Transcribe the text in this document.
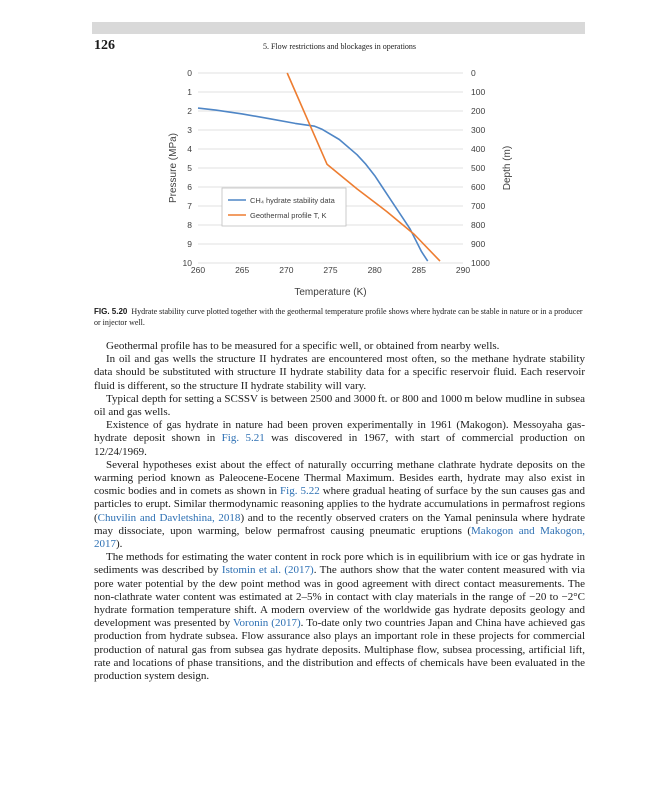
126	5. Flow restrictions and blockages in operations
0
1
2
3
4
5
6
7
8
9
10
0
100
200
300
400
500
600
700
800
900
1000
260	265	270	275	280	285	290
Temperature (K)
Pressure (MPa)	Depth (m)
CH₄ hydrate stability data
Geothermal profile T, K
FIG. 5.20 Hydrate stability curve plotted together with the geothermal temperature profile shows where hydrate can be stable in nature or in a producer or injector well.

Geothermal profile has to be measured for a specific well, or obtained from nearby wells.

In oil and gas wells the structure II hydrates are encountered most often, so the methane hydrate stability data should be substituted with structure II hydrate stability data for a specific reservoir fluid. Each reservoir fluid is different, so the structure II hydrate stability will vary.

Typical depth for setting a SCSSV is between 2500 and 3000 ft. or 800 and 1000 m below mudline in subsea oil and gas wells.

Existence of gas hydrate in nature had been proven experimentally in 1961 (Makogon). Messoyaha gas-hydrate deposit shown in Fig. 5.21 was discovered in 1967, with start of commercial production on 12/24/1969.

Several hypotheses exist about the effect of naturally occurring methane clathrate hydrate deposits on the warming period known as Paleocene-Eocene Thermal Maximum. Besides earth, hydrate may also exist in cosmic bodies and in comets as shown in Fig. 5.22 where gradual heating of surface by the sun causes gas and particles to erupt. Similar thermodynamic reasoning applies to the hydrate accumulations in permafrost regions (Chuvilin and Davletshina, 2018) and to the recently observed craters on the Yamal peninsula where hydrate may dissociate, upon warming, below permafrost causing pneumatic eruptions (Makogon and Makogon, 2017).

The methods for estimating the water content in rock pore which is in equilibrium with ice or gas hydrate in sediments was described by Istomin et al. (2017). The authors show that the water content measured with via pore water potential by the dew point method was in good agreement with direct contact measurements. The non-clathrate water content was estimated at 2–5% in contact with clay materials in the range of −20 to −2°C hydrate formation temperature shift. A modern overview of the worldwide gas hydrate deposits geology and development was presented by Voronin (2017). To-date only two countries Japan and China have achieved gas production from hydrate subsea. Flow assurance also plays an important role in these projects for commercial production of natural gas from subsea gas hydrate deposits. Multiphase flow, subsea processing, artificial lift, rate and locations of phase transitions, and the distribution and effects of chemicals have been evaluated in the production system design.
